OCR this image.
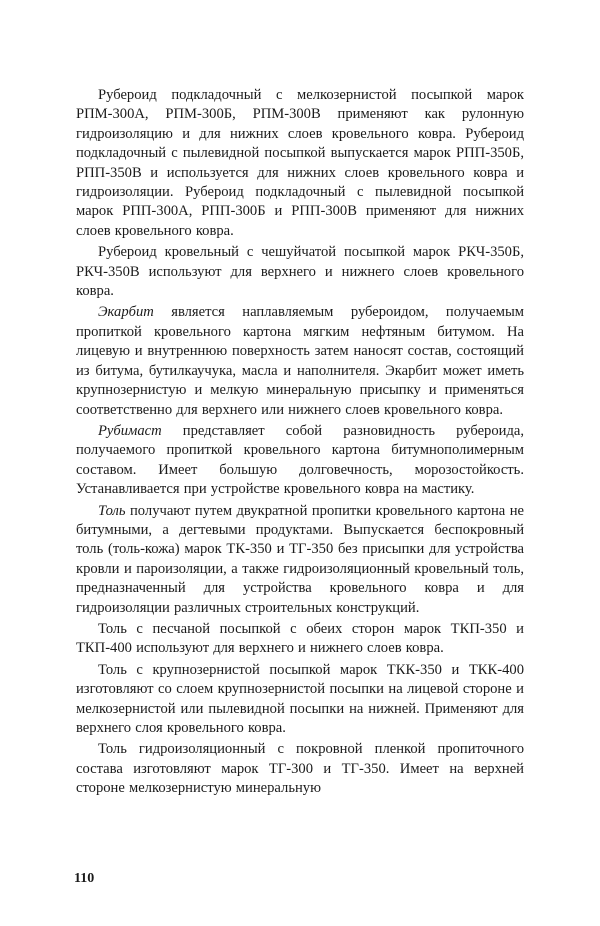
Рубероид подкладочный с мелкозернистой посыпкой марок РПМ-300А, РПМ-300Б, РПМ-300В применяют как рулонную гидроизоляцию и для нижних слоев кровельного ковра. Рубероид подкладочный с пылевидной посыпкой выпускается марок РПП-350Б, РПП-350В и используется для нижних слоев кровельного ковра и гидроизоляции. Рубероид подкладочный с пылевидной посыпкой марок РПП-300А, РПП-300Б и РПП-300В применяют для нижних слоев кровельного ковра.

Рубероид кровельный с чешуйчатой посыпкой марок РКЧ-350Б, РКЧ-350В используют для верхнего и нижнего слоев кровельного ковра.

Экарбит является наплавляемым рубероидом, получаемым пропиткой кровельного картона мягким нефтяным битумом. На лицевую и внутреннюю поверхность затем наносят состав, состоящий из битума, бутилкаучука, масла и наполнителя. Экарбит может иметь крупнозернистую и мелкую минеральную присыпку и применяться соответственно для верхнего или нижнего слоев кровельного ковра.

Рубимаст представляет собой разновидность рубероида, получаемого пропиткой кровельного картона битумнополимерным составом. Имеет большую долговечность, морозостойкость. Устанавливается при устройстве кровельного ковра на мастику.

Толь получают путем двукратной пропитки кровельного картона не битумными, а дегтевыми продуктами. Выпускается беспокровный толь (толь-кожа) марок ТК-350 и ТГ-350 без присыпки для устройства кровли и пароизоляции, а также гидроизоляционный кровельный толь, предназначенный для устройства кровельного ковра и для гидроизоляции различных строительных конструкций.

Толь с песчаной посыпкой с обеих сторон марок ТКП-350 и ТКП-400 используют для верхнего и нижнего слоев ковра.

Толь с крупнозернистой посыпкой марок ТКК-350 и ТКК-400 изготовляют со слоем крупнозернистой посыпки на лицевой стороне и мелкозернистой или пылевидной посыпки на нижней. Применяют для верхнего слоя кровельного ковра.

Толь гидроизоляционный с покровной пленкой пропиточного состава изготовляют марок ТГ-300 и ТГ-350. Имеет на верхней стороне мелкозернистую минеральную

110
